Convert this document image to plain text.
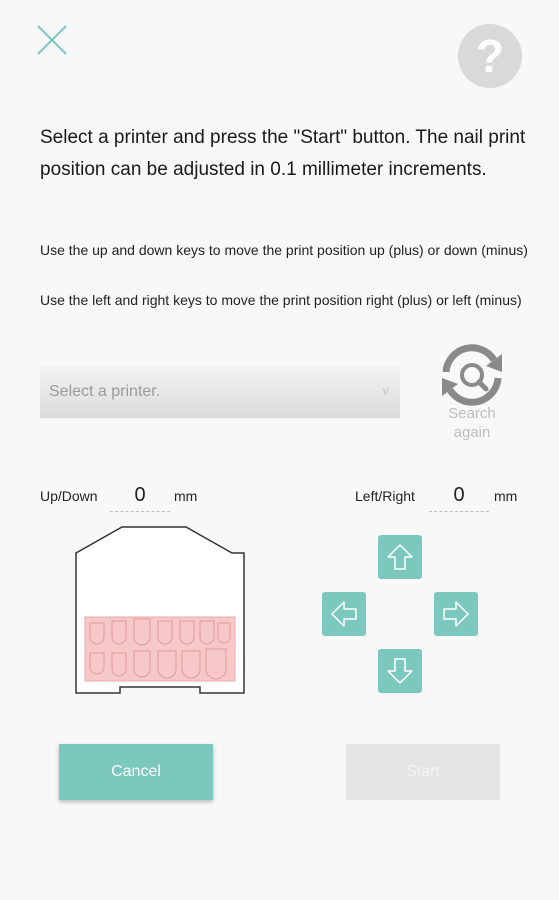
?

Select a printer and press the "Start" button. The nail print position can be adjusted in 0.1 millimeter increments.

Use the up and down keys to move the print position up (plus) or down (minus)

Use the left and right keys to move the print position right (plus) or left (minus)

Select a printer.	∨
Search again
Up/Down	0	mm	Left/Right	0	mm
Cancel	Start
